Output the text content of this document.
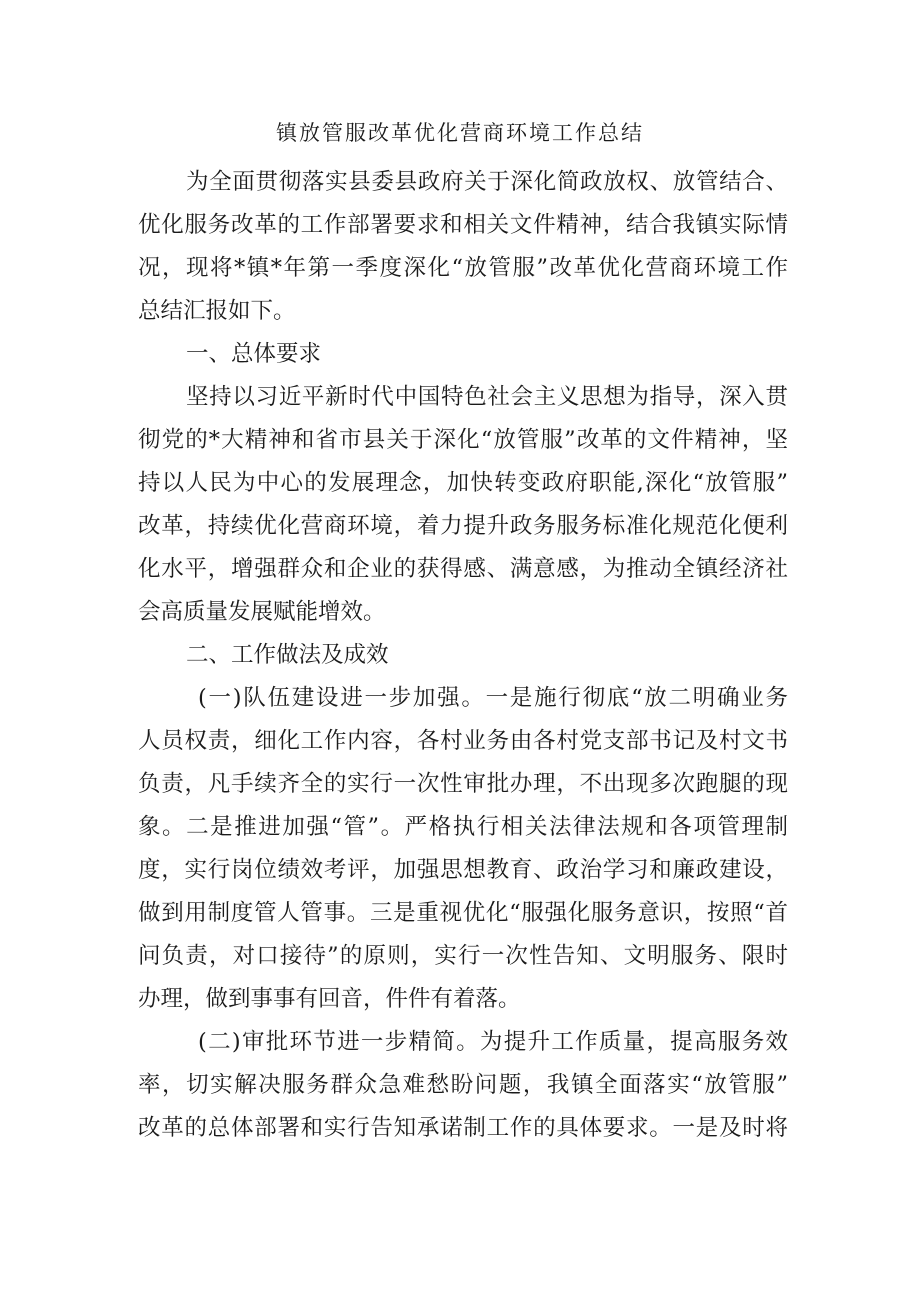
镇放管服改革优化营商环境工作总结
为全面贯彻落实县委县政府关于深化简政放权、放管结合、
优化服务改革的工作部署要求和相关文件精神，结合我镇实际情
况，现将*镇*年第一季度深化“放管服”改革优化营商环境工作
总结汇报如下。
一、总体要求
坚持以习近平新时代中国特色社会主义思想为指导，深入贯
彻党的*大精神和省市县关于深化“放管服”改革的文件精神，坚
持以人民为中心的发展理念，加快转变政府职能,深化“放管服”
改革，持续优化营商环境，着力提升政务服务标准化规范化便利
化水平，增强群众和企业的获得感、满意感，为推动全镇经济社
会高质量发展赋能增效。
二、工作做法及成效
(一)队伍建设进一步加强。一是施行彻底“放二明确业务
人员权责，细化工作内容，各村业务由各村党支部书记及村文书
负责，凡手续齐全的实行一次性审批办理，不出现多次跑腿的现
象。二是推进加强“管”。严格执行相关法律法规和各项管理制
度，实行岗位绩效考评，加强思想教育、政治学习和廉政建设，
做到用制度管人管事。三是重视优化“服强化服务意识，按照“首
问负责，对口接待”的原则，实行一次性告知、文明服务、限时
办理，做到事事有回音，件件有着落。
(二)审批环节进一步精简。为提升工作质量，提高服务效
率，切实解决服务群众急难愁盼问题，我镇全面落实“放管服”
改革的总体部署和实行告知承诺制工作的具体要求。一是及时将
